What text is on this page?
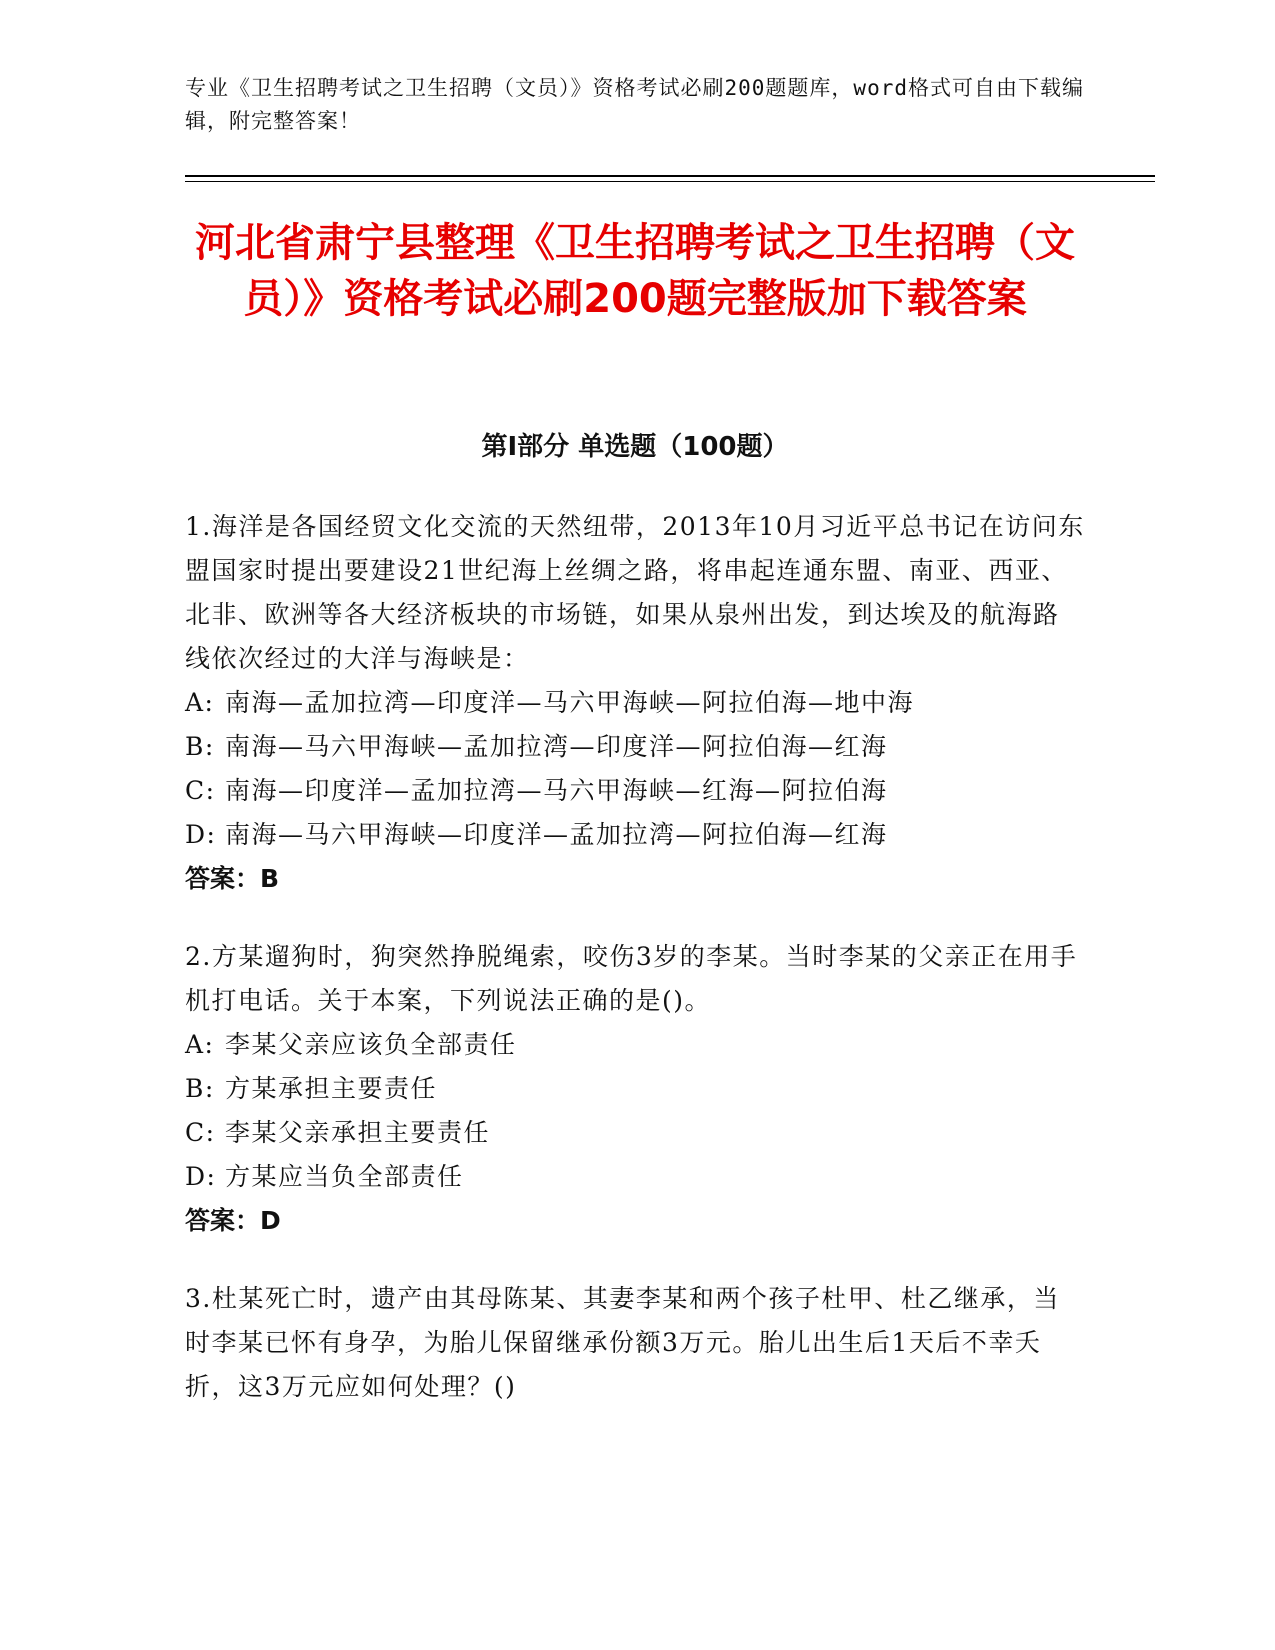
专业《卫生招聘考试之卫生招聘（文员）》资格考试必刷200题题库，word格式可自由下载编辑，附完整答案！
河北省肃宁县整理《卫生招聘考试之卫生招聘（文员）》资格考试必刷200题完整版加下载答案
第Ⅰ部分 单选题（100题）
1.海洋是各国经贸文化交流的天然纽带，2013年10月习近平总书记在访问东盟国家时提出要建设21世纪海上丝绸之路，将串起连通东盟、南亚、西亚、北非、欧洲等各大经济板块的市场链，如果从泉州出发，到达埃及的航海路线依次经过的大洋与海峡是：
A: 南海—孟加拉湾—印度洋—马六甲海峡—阿拉伯海—地中海
B: 南海—马六甲海峡—孟加拉湾—印度洋—阿拉伯海—红海
C: 南海—印度洋—孟加拉湾—马六甲海峡—红海—阿拉伯海
D: 南海—马六甲海峡—印度洋—孟加拉湾—阿拉伯海—红海
答案：B
2.方某遛狗时，狗突然挣脱绳索，咬伤3岁的李某。当时李某的父亲正在用手机打电话。关于本案，下列说法正确的是()。
A: 李某父亲应该负全部责任
B: 方某承担主要责任
C: 李某父亲承担主要责任
D: 方某应当负全部责任
答案：D
3.杜某死亡时，遗产由其母陈某、其妻李某和两个孩子杜甲、杜乙继承，当时李某已怀有身孕，为胎儿保留继承份额3万元。胎儿出生后1天后不幸夭折，这3万元应如何处理？()
